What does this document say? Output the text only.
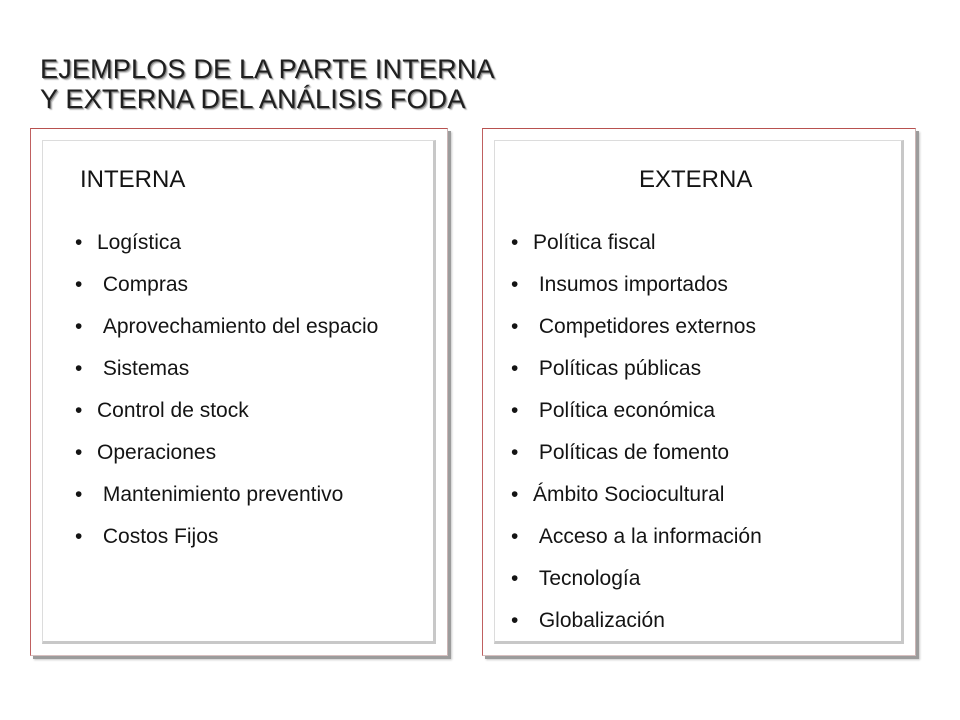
EJEMPLOS DE LA PARTE INTERNA
Y EXTERNA DEL ANÁLISIS FODA
INTERNA	EXTERNA
• Logística
• Compras
• Aprovechamiento del espacio
• Sistemas
• Control de stock
• Operaciones
• Mantenimiento preventivo
• Costos Fijos
• Política fiscal
• Insumos importados
• Competidores externos
• Políticas públicas
• Política económica
• Políticas de fomento
• Ámbito Sociocultural
• Acceso a la información
• Tecnología
• Globalización
